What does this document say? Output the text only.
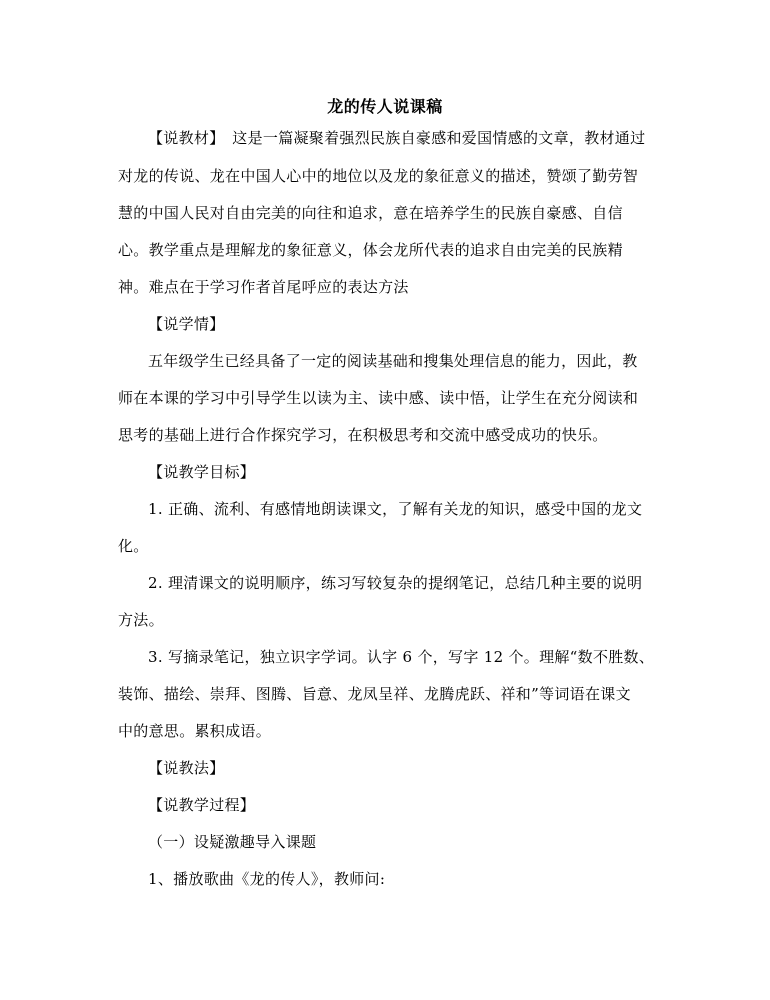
龙的传人说课稿
【说教材】　这是一篇凝聚着强烈民族自豪感和爱国情感的文章，教材通过
对龙的传说、龙在中国人心中的地位以及龙的象征意义的描述，赞颂了勤劳智
慧的中国人民对自由完美的向往和追求，意在培养学生的民族自豪感、自信
心。教学重点是理解龙的象征意义，体会龙所代表的追求自由完美的民族精
神。难点在于学习作者首尾呼应的表达方法
【说学情】
五年级学生已经具备了一定的阅读基础和搜集处理信息的能力，因此，教
师在本课的学习中引导学生以读为主、读中感、读中悟，让学生在充分阅读和
思考的基础上进行合作探究学习，在积极思考和交流中感受成功的快乐。
【说教学目标】
1. 正确、流利、有感情地朗读课文，了解有关龙的知识，感受中国的龙文
化。
2. 理清课文的说明顺序，练习写较复杂的提纲笔记，总结几种主要的说明
方法。
3. 写摘录笔记，独立识字学词。认字 6 个，写字 12 个。理解“数不胜数、
装饰、描绘、崇拜、图腾、旨意、龙凤呈祥、龙腾虎跃、祥和”等词语在课文
中的意思。累积成语。
【说教法】
【说教学过程】
（一）设疑激趣导入课题
1、播放歌曲《龙的传人》，教师问:
